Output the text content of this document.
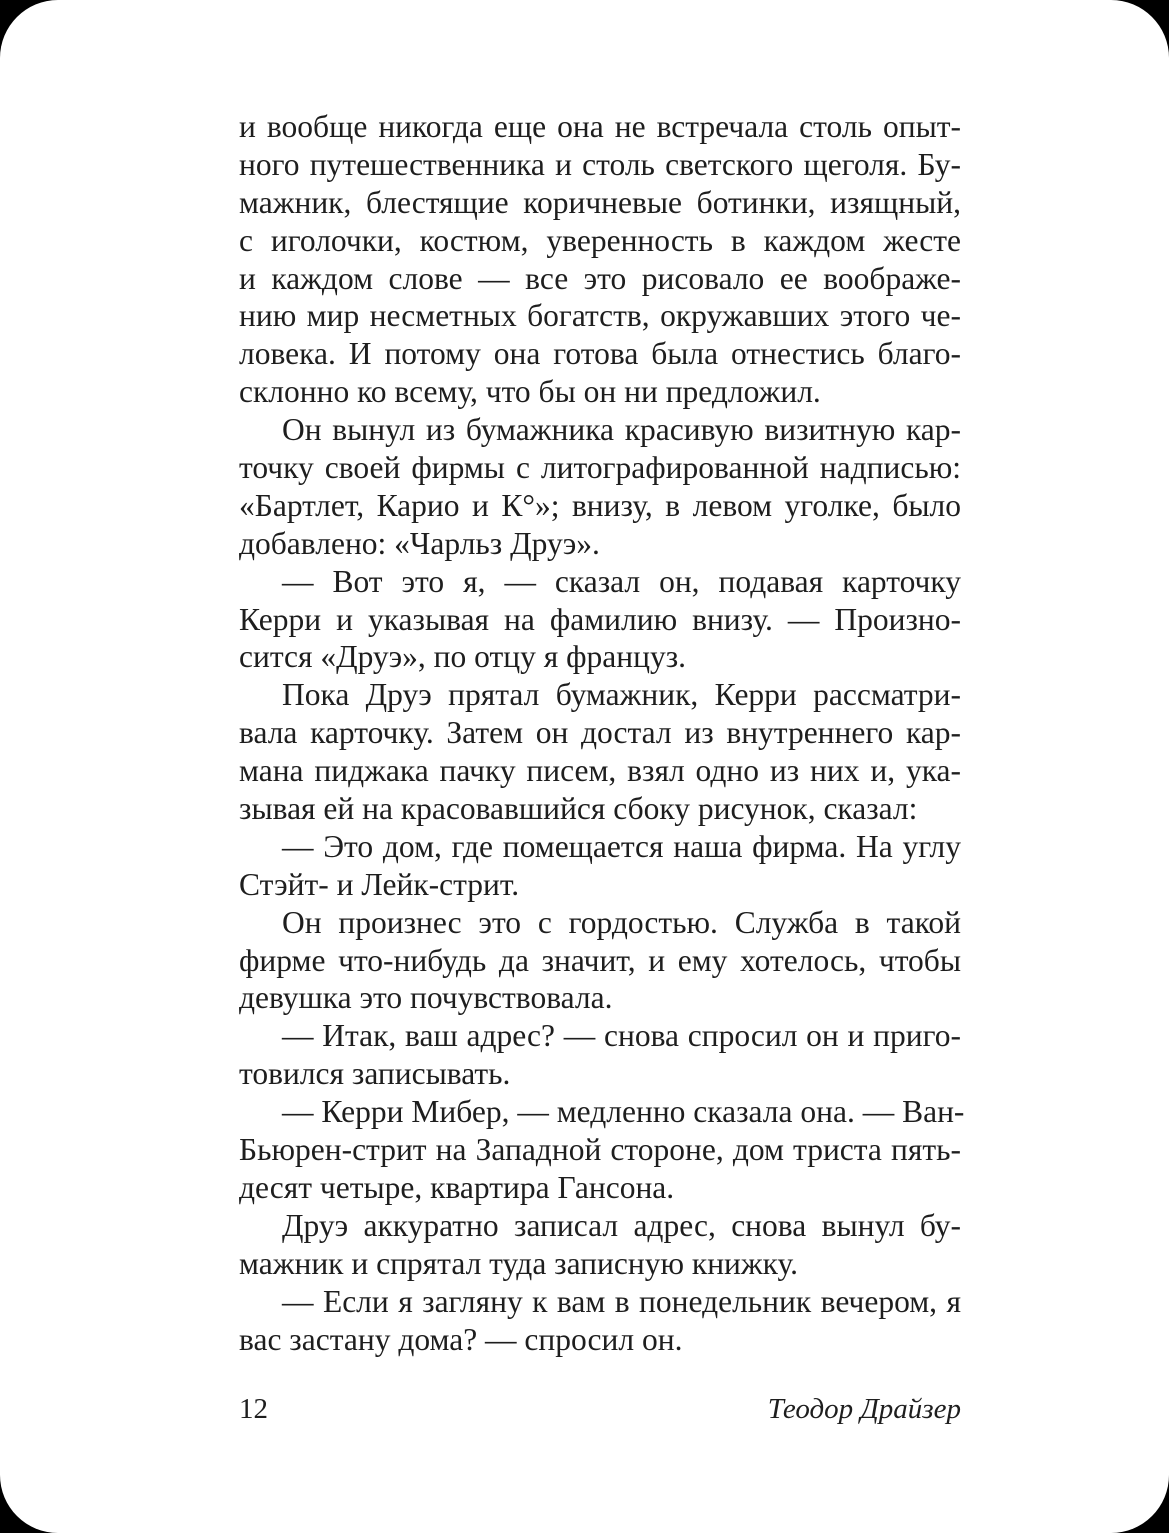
и вообще никогда еще она не встречала столь опыт-
ного путешественника и столь светского щеголя. Бу-
мажник, блестящие коричневые ботинки, изящный,
с иголочки, костюм, уверенность в каждом жесте
и каждом слове — все это рисовало ее воображе-
нию мир несметных богатств, окружавших этого че-
ловека. И потому она готова была отнестись благо-
склонно ко всему, что бы он ни предложил.
Он вынул из бумажника красивую визитную кар-
точку своей фирмы с литографированной надписью:
«Бартлет, Карио и К°»; внизу, в левом уголке, было
добавлено: «Чарльз Друэ».
— Вот это я, — сказал он, подавая карточку
Керри и указывая на фамилию внизу. — Произно-
сится «Друэ», по отцу я француз.
Пока Друэ прятал бумажник, Керри рассматри-
вала карточку. Затем он достал из внутреннего кар-
мана пиджака пачку писем, взял одно из них и, ука-
зывая ей на красовавшийся сбоку рисунок, сказал:
— Это дом, где помещается наша фирма. На углу
Стэйт- и Лейк-стрит.
Он произнес это с гордостью. Служба в такой
фирме что-нибудь да значит, и ему хотелось, чтобы
девушка это почувствовала.
— Итак, ваш адрес? — снова спросил он и приго-
товился записывать.
— Керри Мибер, — медленно сказала она. — Ван-
Бьюрен-стрит на Западной стороне, дом триста пять-
десят четыре, квартира Гансона.
Друэ аккуратно записал адрес, снова вынул бу-
мажник и спрятал туда записную книжку.
— Если я загляну к вам в понедельник вечером, я
вас застану дома? — спросил он.
12	Теодор Драйзер
